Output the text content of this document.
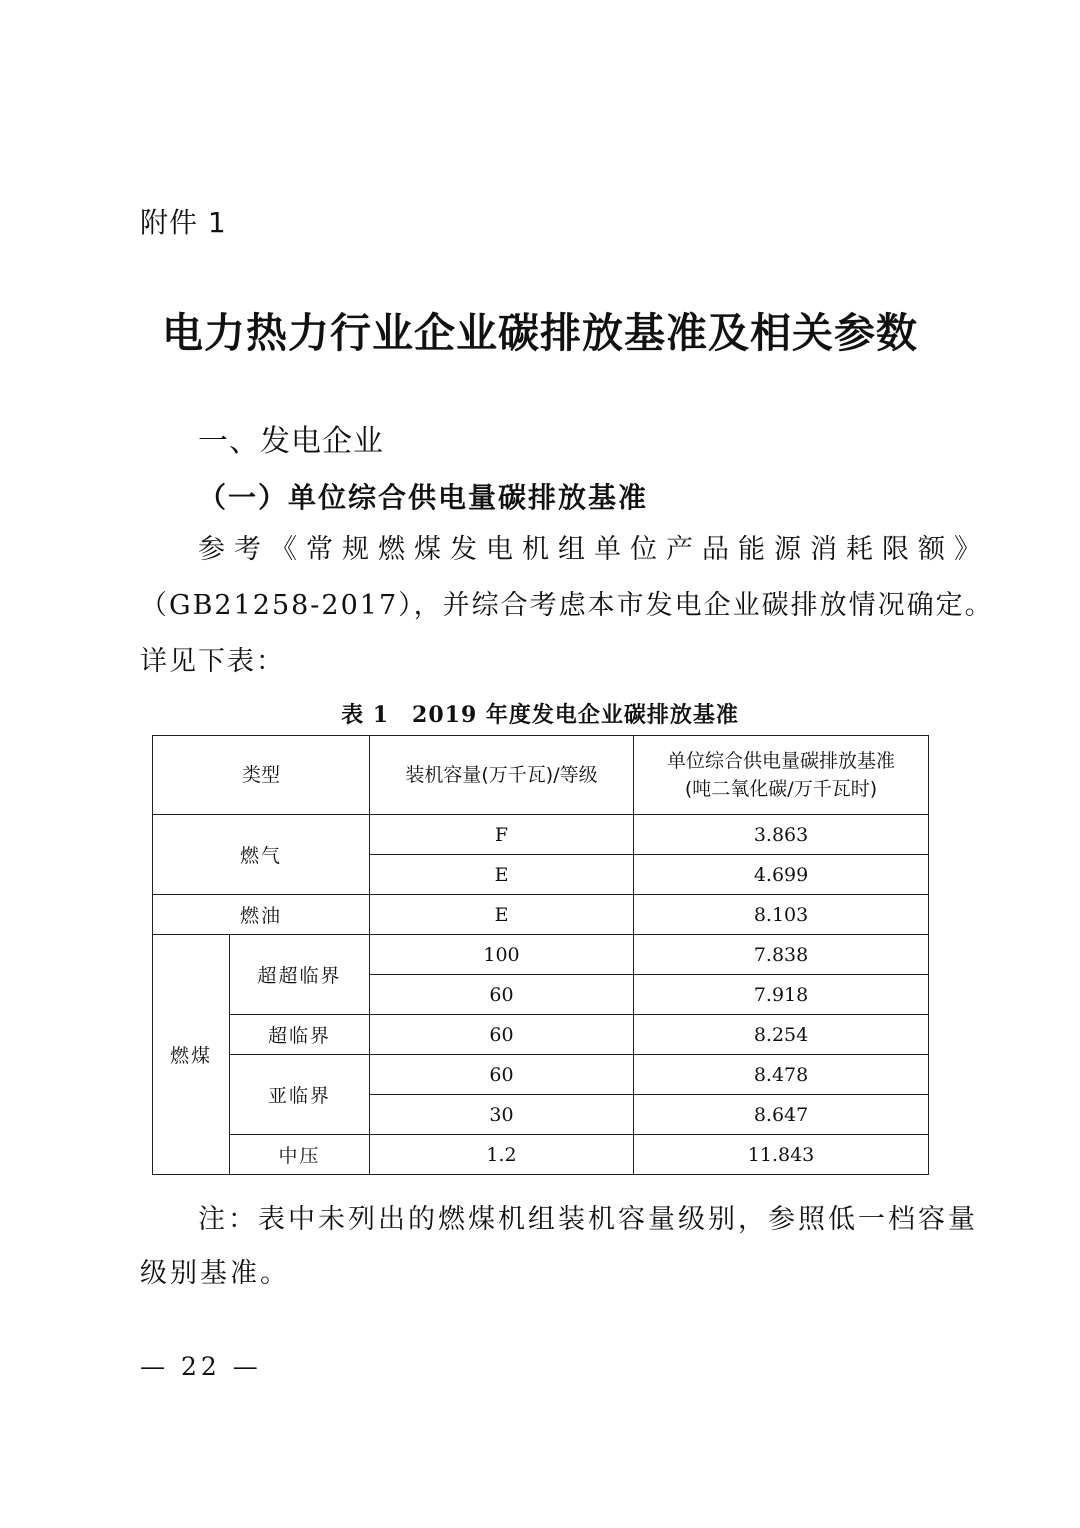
附件 1
电力热力行业企业碳排放基准及相关参数
一、发电企业
（一）单位综合供电量碳排放基准
参考《常规燃煤发电机组单位产品能源消耗限额》
（GB21258-2017），并综合考虑本市发电企业碳排放情况确定。
详见下表：
表 1　2019 年度发电企业碳排放基准
类型		装机容量(万千瓦)/等级	单位综合供电量碳排放基准
(吨二氧化碳/万千瓦时)

燃气		F	3.863
		E	4.699
燃油		E	8.103
燃煤	超超临界	100	7.838
		60	7.918
	超临界	60	8.254
	亚临界	60	8.478
		30	8.647
	中压	1.2	11.843
注：表中未列出的燃煤机组装机容量级别，参照低一档容量
级别基准。
— 22 —
